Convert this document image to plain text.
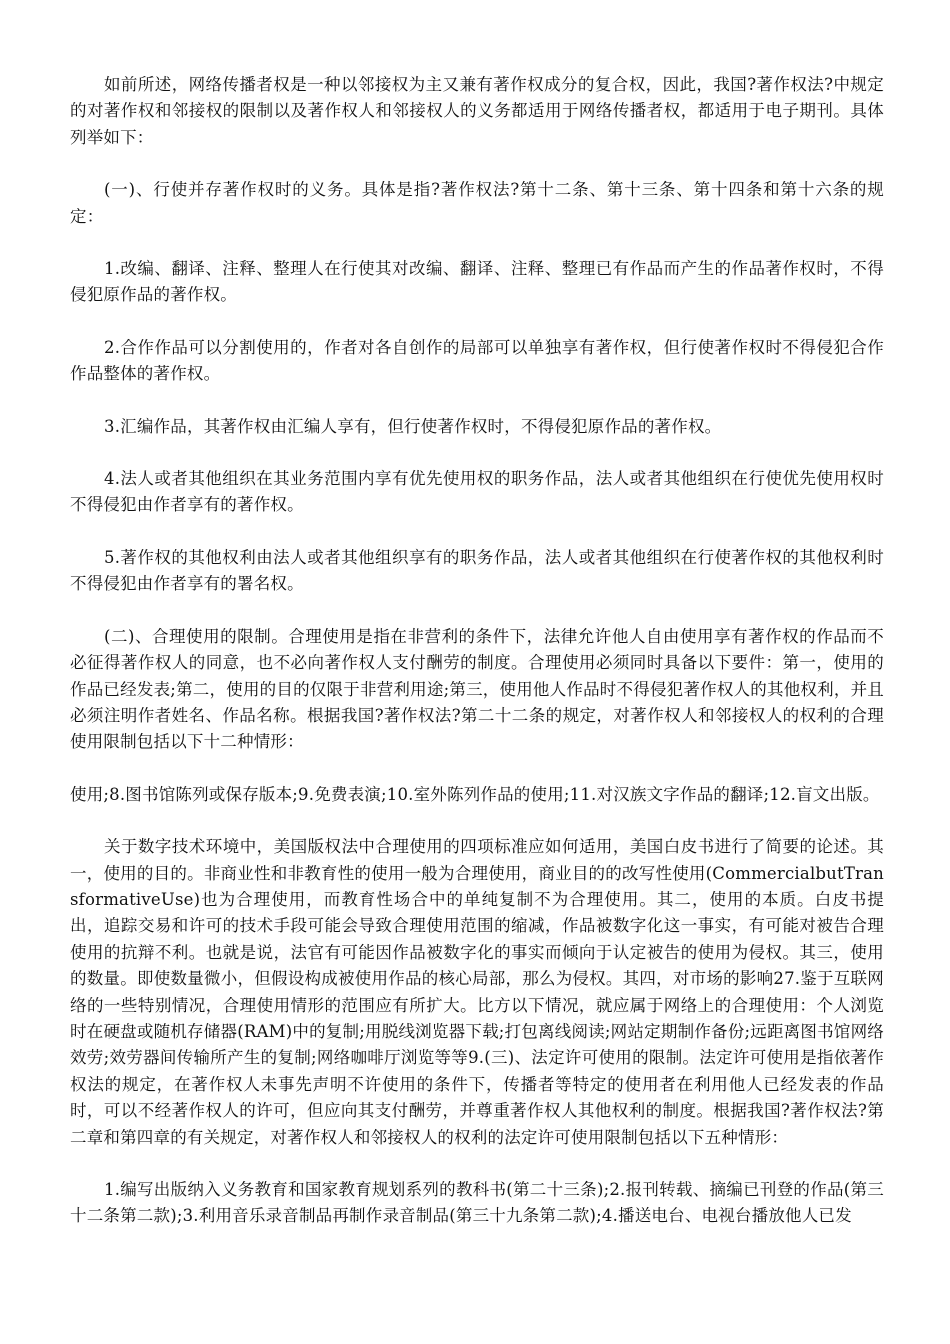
如前所述，网络传播者权是一种以邻接权为主又兼有著作权成分的复合权，因此，我国?著作权法?中规定的对著作权和邻接权的限制以及著作权人和邻接权人的义务都适用于网络传播者权，都适用于电子期刊。具体列举如下：

(一)、行使并存著作权时的义务。具体是指?著作权法?第十二条、第十三条、第十四条和第十六条的规定：

1.改编、翻译、注释、整理人在行使其对改编、翻译、注释、整理已有作品而产生的作品著作权时，不得侵犯原作品的著作权。

2.合作作品可以分割使用的，作者对各自创作的局部可以单独享有著作权，但行使著作权时不得侵犯合作作品整体的著作权。

3.汇编作品，其著作权由汇编人享有，但行使著作权时，不得侵犯原作品的著作权。

4.法人或者其他组织在其业务范围内享有优先使用权的职务作品，法人或者其他组织在行使优先使用权时不得侵犯由作者享有的著作权。

5.著作权的其他权利由法人或者其他组织享有的职务作品，法人或者其他组织在行使著作权的其他权利时不得侵犯由作者享有的署名权。

(二)、合理使用的限制。合理使用是指在非营利的条件下，法律允许他人自由使用享有著作权的作品而不必征得著作权人的同意，也不必向著作权人支付酬劳的制度。合理使用必须同时具备以下要件：第一，使用的作品已经发表;第二，使用的目的仅限于非营利用途;第三，使用他人作品时不得侵犯著作权人的其他权利，并且必须注明作者姓名、作品名称。根据我国?著作权法?第二十二条的规定，对著作权人和邻接权人的权利的合理使用限制包括以下十二种情形：

使用;8.图书馆陈列或保存版本;9.免费表演;10.室外陈列作品的使用;11.对汉族文字作品的翻译;12.盲文出版。

关于数字技术环境中，美国版权法中合理使用的四项标准应如何适用，美国白皮书进行了简要的论述。其一，使用的目的。非商业性和非教育性的使用一般为合理使用，商业目的的改写性使用(CommercialbutTransformativeUse)也为合理使用，而教育性场合中的单纯复制不为合理使用。其二，使用的本质。白皮书提出，追踪交易和许可的技术手段可能会导致合理使用范围的缩减，作品被数字化这一事实，有可能对被告合理使用的抗辩不利。也就是说，法官有可能因作品被数字化的事实而倾向于认定被告的使用为侵权。其三，使用的数量。即使数量微小，但假设构成被使用作品的核心局部，那么为侵权。其四，对市场的影响27.鉴于互联网络的一些特别情况，合理使用情形的范围应有所扩大。比方以下情况，就应属于网络上的合理使用：个人浏览时在硬盘或随机存储器(RAM)中的复制;用脱线浏览器下载;打包离线阅读;网站定期制作备份;远距离图书馆网络效劳;效劳器间传输所产生的复制;网络咖啡厅浏览等等9.(三)、法定许可使用的限制。法定许可使用是指依著作权法的规定，在著作权人未事先声明不许使用的条件下，传播者等特定的使用者在利用他人已经发表的作品时，可以不经著作权人的许可，但应向其支付酬劳，并尊重著作权人其他权利的制度。根据我国?著作权法?第二章和第四章的有关规定，对著作权人和邻接权人的权利的法定许可使用限制包括以下五种情形：

1.编写出版纳入义务教育和国家教育规划系列的教科书(第二十三条);2.报刊转载、摘编已刊登的作品(第三十二条第二款);3.利用音乐录音制品再制作录音制品(第三十九条第二款);4.播送电台、电视台播放他人已发
